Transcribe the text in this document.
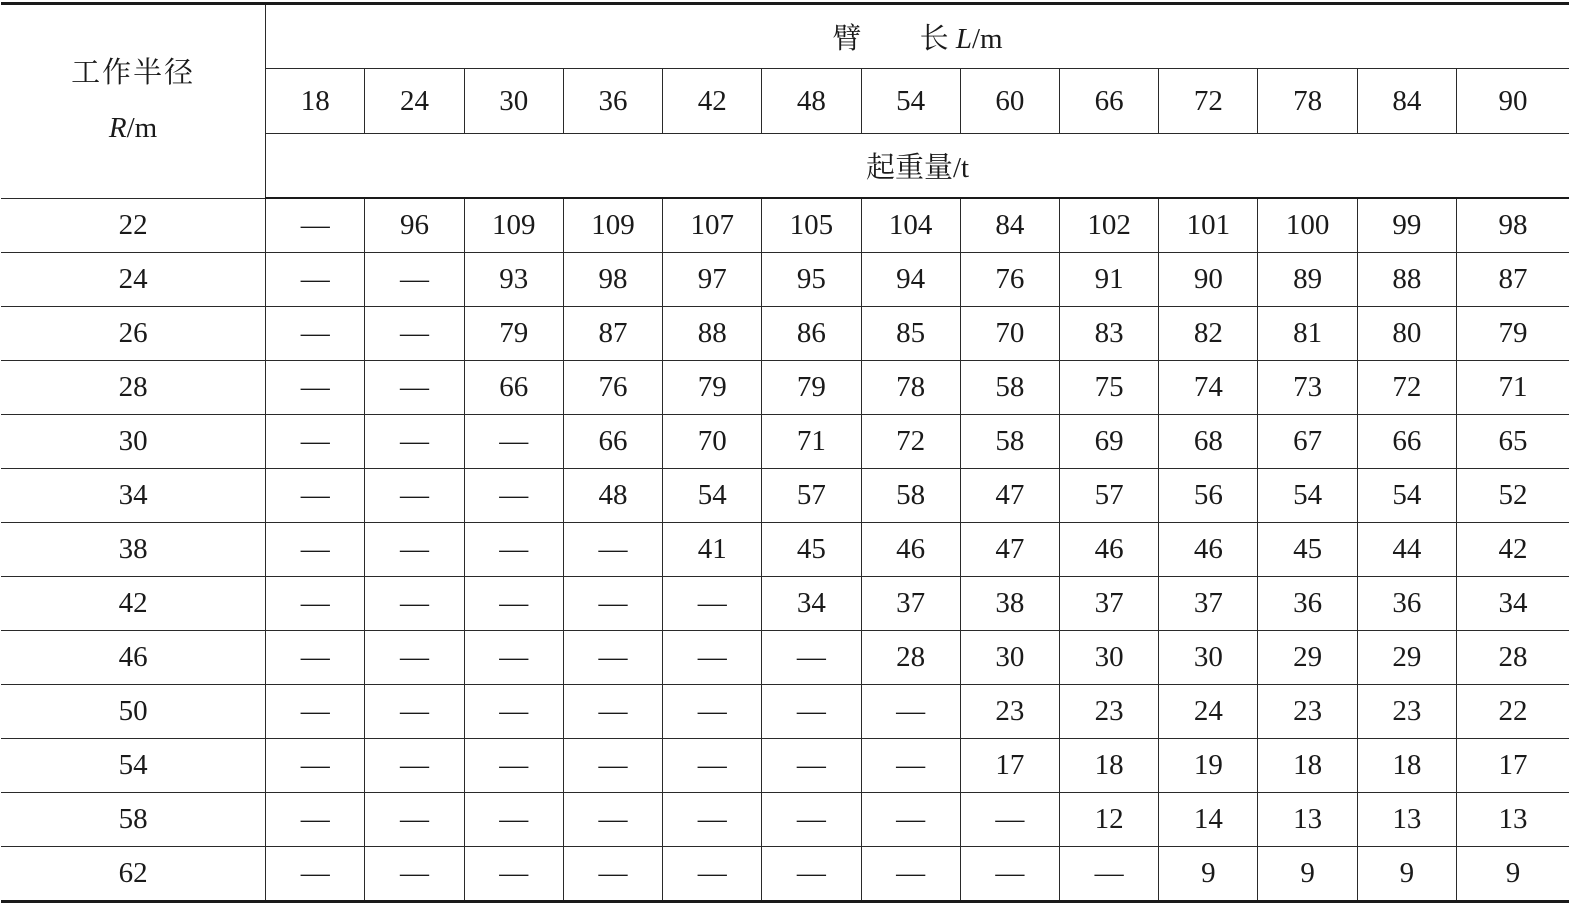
工作半径
R/m	臂 长 L/m												
	18	24	30	36	42	48	54	60	66	72	78	84	90
	起重量/t												
22	—	96	109	109	107	105	104	84	102	101	100	99	98
24	—	—	93	98	97	95	94	76	91	90	89	88	87
26	—	—	79	87	88	86	85	70	83	82	81	80	79
28	—	—	66	76	79	79	78	58	75	74	73	72	71
30	—	—	—	66	70	71	72	58	69	68	67	66	65
34	—	—	—	48	54	57	58	47	57	56	54	54	52
38	—	—	—	—	41	45	46	47	46	46	45	44	42
42	—	—	—	—	—	34	37	38	37	37	36	36	34
46	—	—	—	—	—	—	28	30	30	30	29	29	28
50	—	—	—	—	—	—	—	23	23	24	23	23	22
54	—	—	—	—	—	—	—	17	18	19	18	18	17
58	—	—	—	—	—	—	—	—	12	14	13	13	13
62	—	—	—	—	—	—	—	—	—	9	9	9	9
